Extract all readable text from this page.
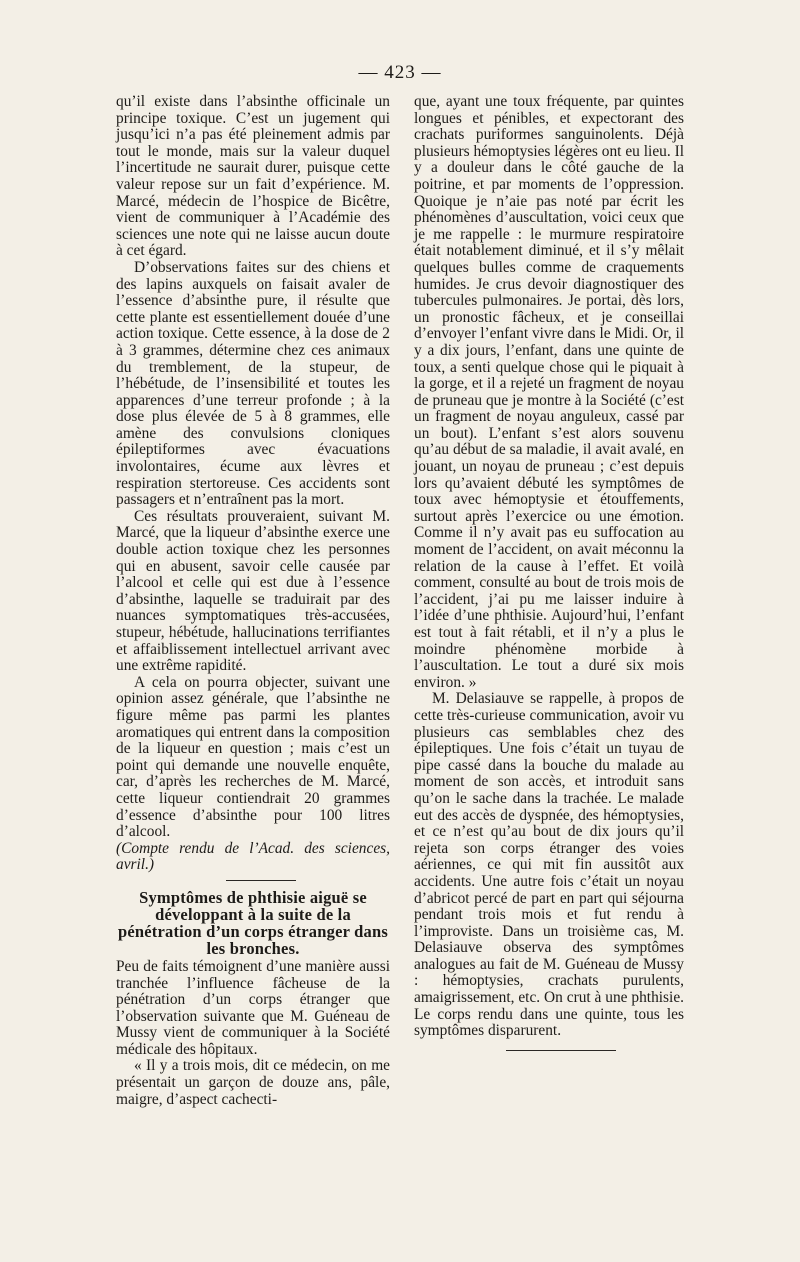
— 423 —

qu’il existe dans l’absinthe officinale un principe toxique. C’est un jugement qui jusqu’ici n’a pas été pleinement admis par tout le monde, mais sur la valeur duquel l’incertitude ne saurait durer, puisque cette valeur repose sur un fait d’expérience. M. Marcé, médecin de l’hospice de Bicêtre, vient de communiquer à l’Académie des sciences une note qui ne laisse aucun doute à cet égard.

D’observations faites sur des chiens et des lapins auxquels on faisait avaler de l’essence d’absinthe pure, il résulte que cette plante est essentiellement douée d’une action toxique. Cette essence, à la dose de 2 à 3 grammes, détermine chez ces animaux du tremblement, de la stupeur, de l’hébétude, de l’insensibilité et toutes les apparences d’une terreur profonde ; à la dose plus élevée de 5 à 8 grammes, elle amène des convulsions cloniques épileptiformes avec évacuations involontaires, écume aux lèvres et respiration stertoreuse. Ces accidents sont passagers et n’entraînent pas la mort.

Ces résultats prouveraient, suivant M. Marcé, que la liqueur d’absinthe exerce une double action toxique chez les personnes qui en abusent, savoir celle causée par l’alcool et celle qui est due à l’essence d’absinthe, laquelle se traduirait par des nuances symptomatiques très-accusées, stupeur, hébétude, hallucinations terrifiantes et affaiblissement intellectuel arrivant avec une extrême rapidité.

A cela on pourra objecter, suivant une opinion assez générale, que l’absinthe ne figure même pas parmi les plantes aromatiques qui entrent dans la composition de la liqueur en question ; mais c’est un point qui demande une nouvelle enquête, car, d’après les recherches de M. Marcé, cette liqueur contiendrait 20 grammes d’essence d’absinthe pour 100 litres d’alcool.

(Compte rendu de l’Acad. des sciences, avril.)

Symptômes de phthisie aiguë se développant à la suite de la pénétration d’un corps étranger dans les bronches.

Peu de faits témoignent d’une manière aussi tranchée l’influence fâcheuse de la pénétration d’un corps étranger que l’observation suivante que M. Guéneau de Mussy vient de communiquer à la Société médicale des hôpitaux.

« Il y a trois mois, dit ce médecin, on me présentait un garçon de douze ans, pâle, maigre, d’aspect cachecti-

que, ayant une toux fréquente, par quintes longues et pénibles, et expectorant des crachats puriformes sanguinolents. Déjà plusieurs hémoptysies légères ont eu lieu. Il y a douleur dans le côté gauche de la poitrine, et par moments de l’oppression. Quoique je n’aie pas noté par écrit les phénomènes d’auscultation, voici ceux que je me rappelle : le murmure respiratoire était notablement diminué, et il s’y mêlait quelques bulles comme de craquements humides. Je crus devoir diagnostiquer des tubercules pulmonaires. Je portai, dès lors, un pronostic fâcheux, et je conseillai d’envoyer l’enfant vivre dans le Midi. Or, il y a dix jours, l’enfant, dans une quinte de toux, a senti quelque chose qui le piquait à la gorge, et il a rejeté un fragment de noyau de pruneau que je montre à la Société (c’est un fragment de noyau anguleux, cassé par un bout). L’enfant s’est alors souvenu qu’au début de sa maladie, il avait avalé, en jouant, un noyau de pruneau ; c’est depuis lors qu’avaient débuté les symptômes de toux avec hémoptysie et étouffements, surtout après l’exercice ou une émotion. Comme il n’y avait pas eu suffocation au moment de l’accident, on avait méconnu la relation de la cause à l’effet. Et voilà comment, consulté au bout de trois mois de l’accident, j’ai pu me laisser induire à l’idée d’une phthisie. Aujourd’hui, l’enfant est tout à fait rétabli, et il n’y a plus le moindre phénomène morbide à l’auscultation. Le tout a duré six mois environ. »

M. Delasiauve se rappelle, à propos de cette très-curieuse communication, avoir vu plusieurs cas semblables chez des épileptiques. Une fois c’était un tuyau de pipe cassé dans la bouche du malade au moment de son accès, et introduit sans qu’on le sache dans la trachée. Le malade eut des accès de dyspnée, des hémoptysies, et ce n’est qu’au bout de dix jours qu’il rejeta son corps étranger des voies aériennes, ce qui mit fin aussitôt aux accidents. Une autre fois c’était un noyau d’abricot percé de part en part qui séjourna pendant trois mois et fut rendu à l’improviste. Dans un troisième cas, M. Delasiauve observa des symptômes analogues au fait de M. Guéneau de Mussy : hémoptysies, crachats purulents, amaigrissement, etc. On crut à une phthisie. Le corps rendu dans une quinte, tous les symptômes disparurent.
